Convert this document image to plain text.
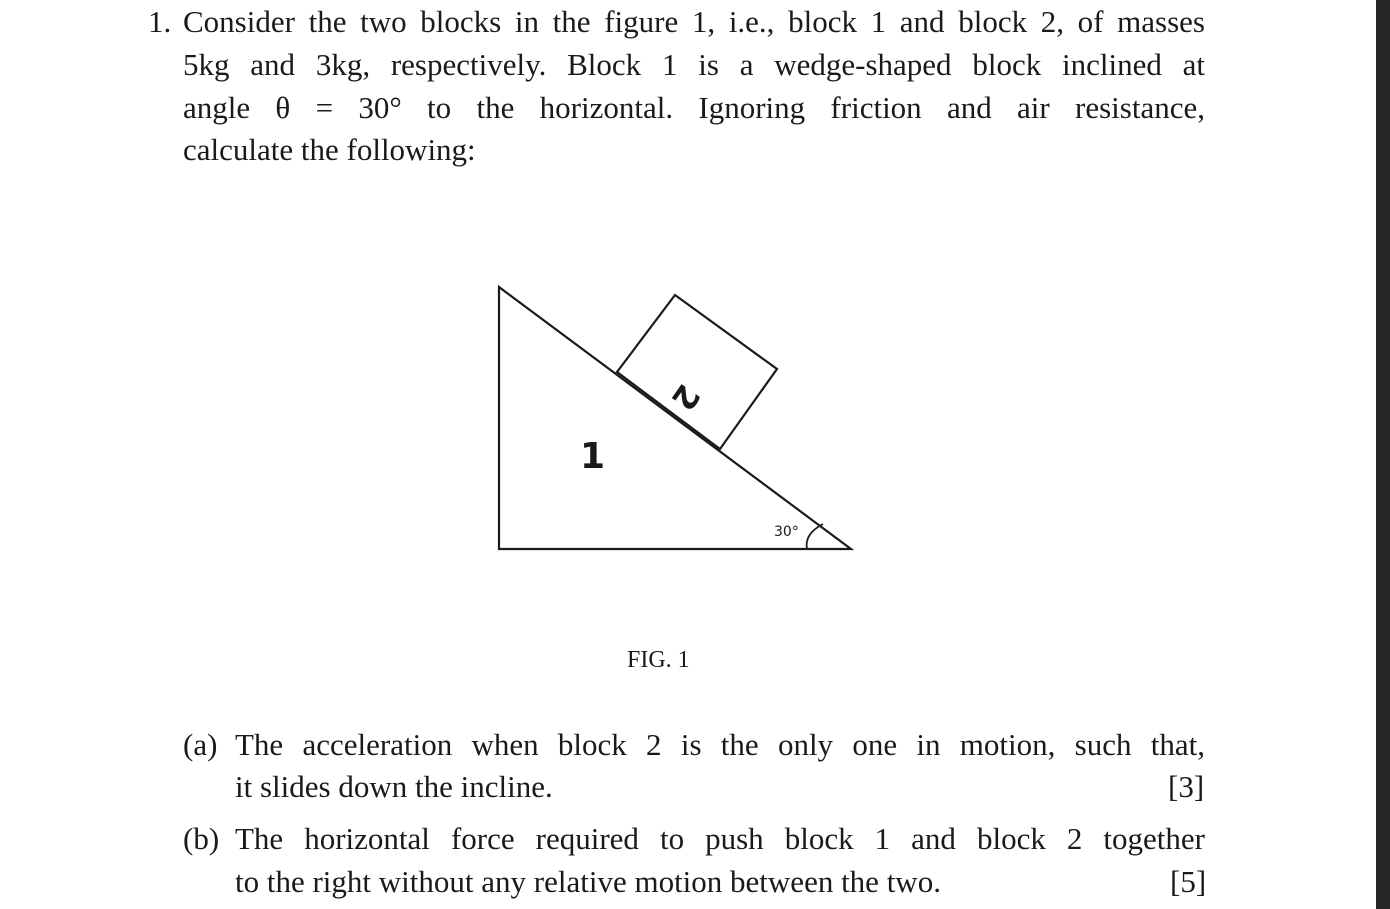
1. Consider the two blocks in the figure 1, i.e., block 1 and block 2, of masses
5kg and 3kg, respectively. Block 1 is a wedge-shaped block inclined at
angle θ = 30° to the horizontal. Ignoring friction and air resistance,
calculate the following:
1
2
30°
FIG. 1
(a) The acceleration when block 2 is the only one in motion, such that,
it slides down the incline.	[3]
(b) The horizontal force required to push block 1 and block 2 together
to the right without any relative motion between the two.	[5]
